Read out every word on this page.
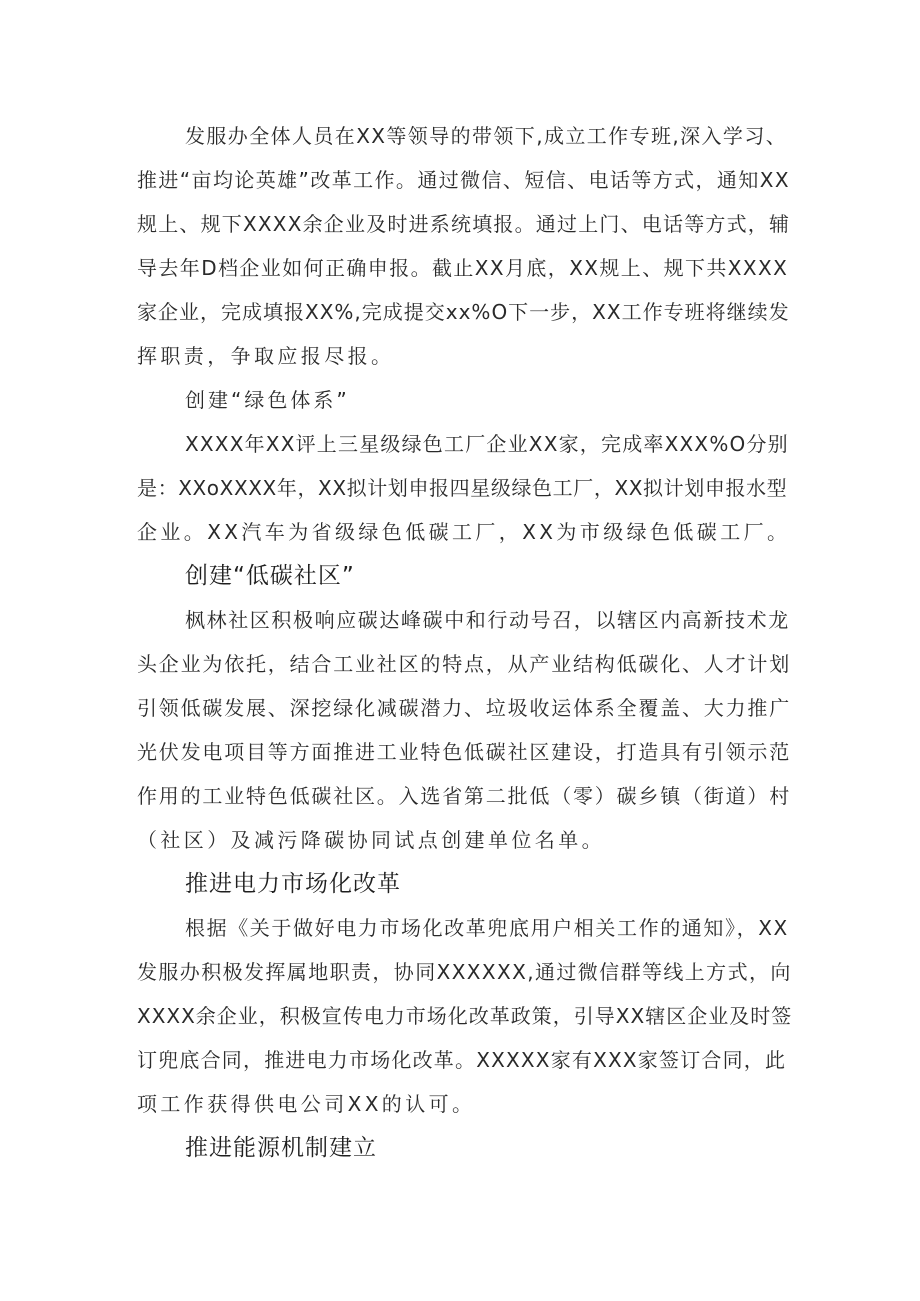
发服办全体人员在XX等领导的带领下,成立工作专班,深入学习、
推进“亩均论英雄”改革工作。通过微信、短信、电话等方式，通知XX
规上、规下XXXX余企业及时进系统填报。通过上门、电话等方式，辅
导去年D档企业如何正确申报。截止XX月底，XX规上、规下共XXXX
家企业，完成填报XX%,完成提交xx%O下一步，XX工作专班将继续发
挥职责，争取应报尽报。
创建“绿色体系”
XXXX年XX评上三星级绿色工厂企业XX家，完成率XXX%O分别
是：XXoXXXX年，XX拟计划申报四星级绿色工厂，XX拟计划申报水型
企业。XX汽车为省级绿色低碳工厂，XX为市级绿色低碳工厂。
创建“低碳社区”
枫林社区积极响应碳达峰碳中和行动号召，以辖区内高新技术龙
头企业为依托，结合工业社区的特点，从产业结构低碳化、人才计划
引领低碳发展、深挖绿化减碳潜力、垃圾收运体系全覆盖、大力推广
光伏发电项目等方面推进工业特色低碳社区建设，打造具有引领示范
作用的工业特色低碳社区。入选省第二批低（零）碳乡镇（街道）村
（社区）及减污降碳协同试点创建单位名单。
推进电力市场化改革
根据《关于做好电力市场化改革兜底用户相关工作的通知》，XX
发服办积极发挥属地职责，协同XXXXXX,通过微信群等线上方式，向
XXXX余企业，积极宣传电力市场化改革政策，引导XX辖区企业及时签
订兜底合同，推进电力市场化改革。XXXXX家有XXX家签订合同，此
项工作获得供电公司XX的认可。
推进能源机制建立
